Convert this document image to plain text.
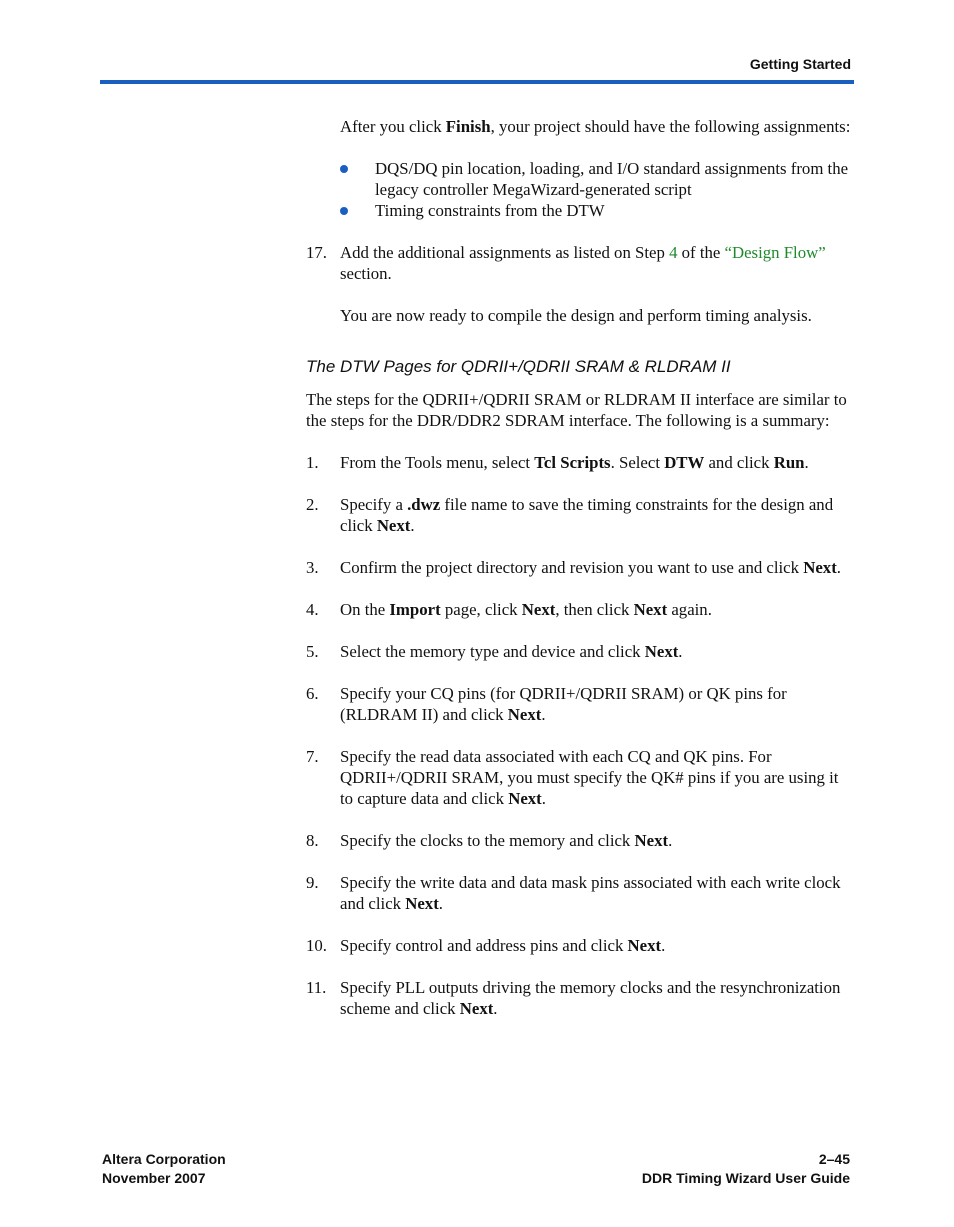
Getting Started

After you click Finish, your project should have the following assignments:

DQS/DQ pin location, loading, and I/O standard assignments from the legacy controller MegaWizard-generated script
Timing constraints from the DTW
17. Add the additional assignments as listed on Step 4 of the “Design Flow” section.

You are now ready to compile the design and perform timing analysis.

The DTW Pages for QDRII+/QDRII SRAM & RLDRAM II

The steps for the QDRII+/QDRII SRAM or RLDRAM II interface are similar to the steps for the DDR/DDR2 SDRAM interface. The following is a summary:

1. From the Tools menu, select Tcl Scripts. Select DTW and click Run.
2. Specify a .dwz file name to save the timing constraints for the design and click Next.
3. Confirm the project directory and revision you want to use and click Next.
4. On the Import page, click Next, then click Next again.
5. Select the memory type and device and click Next.
6. Specify your CQ pins (for QDRII+/QDRII SRAM) or QK pins for (RLDRAM II) and click Next.
7. Specify the read data associated with each CQ and QK pins. For QDRII+/QDRII SRAM, you must specify the QK# pins if you are using it to capture data and click Next.
8. Specify the clocks to the memory and click Next.
9. Specify the write data and data mask pins associated with each write clock and click Next.
10. Specify control and address pins and click Next.
11. Specify PLL outputs driving the memory clocks and the resynchronization scheme and click Next.
Altera Corporation
November 2007
2–45
DDR Timing Wizard User Guide
